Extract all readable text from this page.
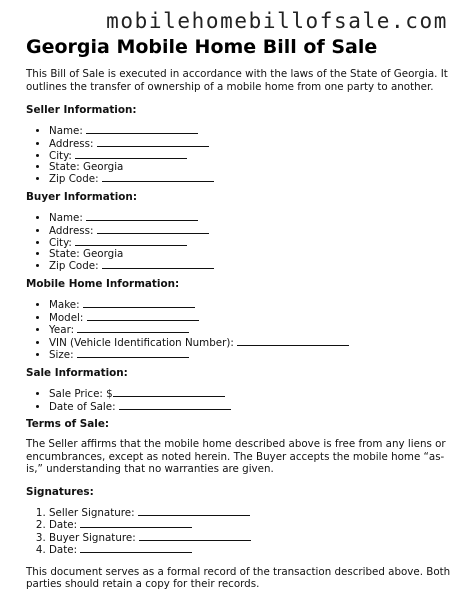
mobilehomebillofsale.com
Georgia Mobile Home Bill of Sale

This Bill of Sale is executed in accordance with the laws of the State of Georgia. It outlines the transfer of ownership of a mobile home from one party to another.

Seller Information:
• Name:
• Address:
• City:
• State: Georgia
• Zip Code:
Buyer Information:
• Name:
• Address:
• City:
• State: Georgia
• Zip Code:
Mobile Home Information:
• Make:
• Model:
• Year:
• VIN (Vehicle Identification Number):
• Size:
Sale Information:
• Sale Price: $
• Date of Sale:
Terms of Sale:

The Seller affirms that the mobile home described above is free from any liens or encumbrances, except as noted herein. The Buyer accepts the mobile home “as-is,” understanding that no warranties are given.

Signatures:
1. Seller Signature:
2. Date:
3. Buyer Signature:
4. Date:

This document serves as a formal record of the transaction described above. Both parties should retain a copy for their records.
